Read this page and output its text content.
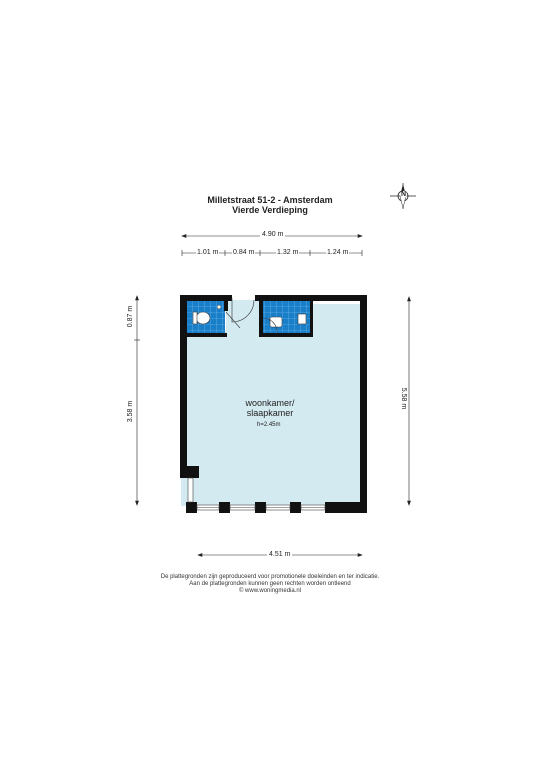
Milletstraat 51-2 - Amsterdam
Vierde Verdieping
4.90 m
1.01 m 0.84 m	1.32 m	1.24 m
0.87 m
3.58 m
5.58 m
4.51 m
woonkamer/
slaapkamer
h=2.45m
N
De plattegronden zijn geproduceerd voor promotionele doeleinden en ter indicatie.
Aan de plattegronden kunnen geen rechten worden ontleend
© www.woningmedia.nl
